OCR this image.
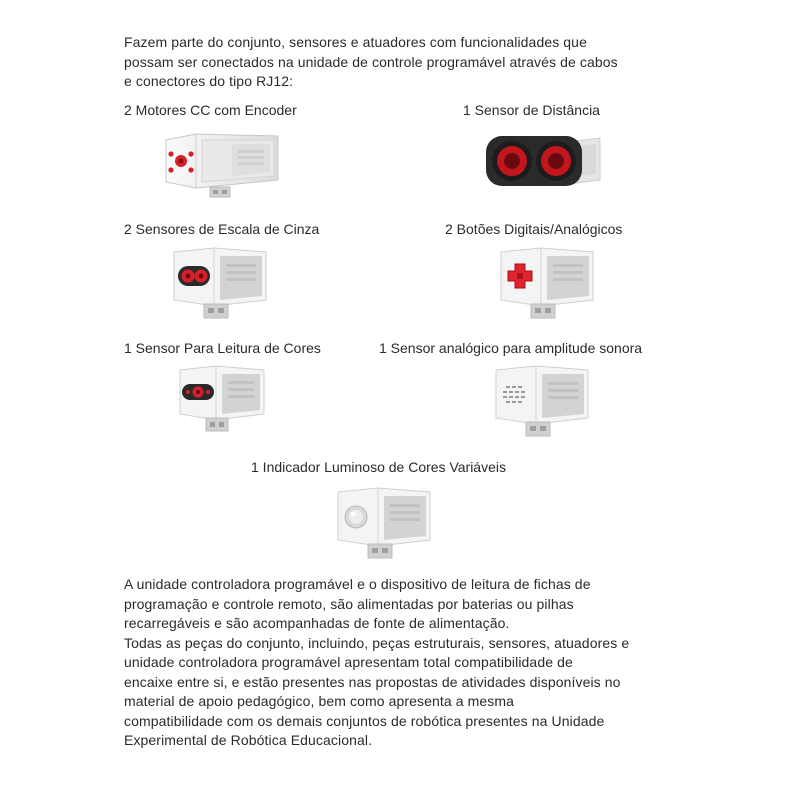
Fazem parte do conjunto, sensores e atuadores com funcionalidades que

possam ser conectados na unidade de controle programável através de cabos

e conectores do tipo RJ12:

2 Motores CC com Encoder	1 Sensor de Distância
2 Sensores de Escala de Cinza	2 Botões Digitais/Analógicos
1 Sensor Para Leitura de Cores	1 Sensor analógico para amplitude sonora
1 Indicador Luminoso de Cores Variáveis

A unidade controladora programável e o dispositivo de leitura de fichas de

programação e controle remoto, são alimentadas por baterias ou pilhas

recarregáveis e são acompanhadas de fonte de alimentação.

Todas as peças do conjunto, incluindo, peças estruturais, sensores, atuadores e

unidade controladora programável apresentam total compatibilidade de

encaixe entre si, e estão presentes nas propostas de atividades disponíveis no

material de apoio pedagógico, bem como apresenta a mesma

compatibilidade com os demais conjuntos de robótica presentes na Unidade

Experimental de Robótica Educacional.
